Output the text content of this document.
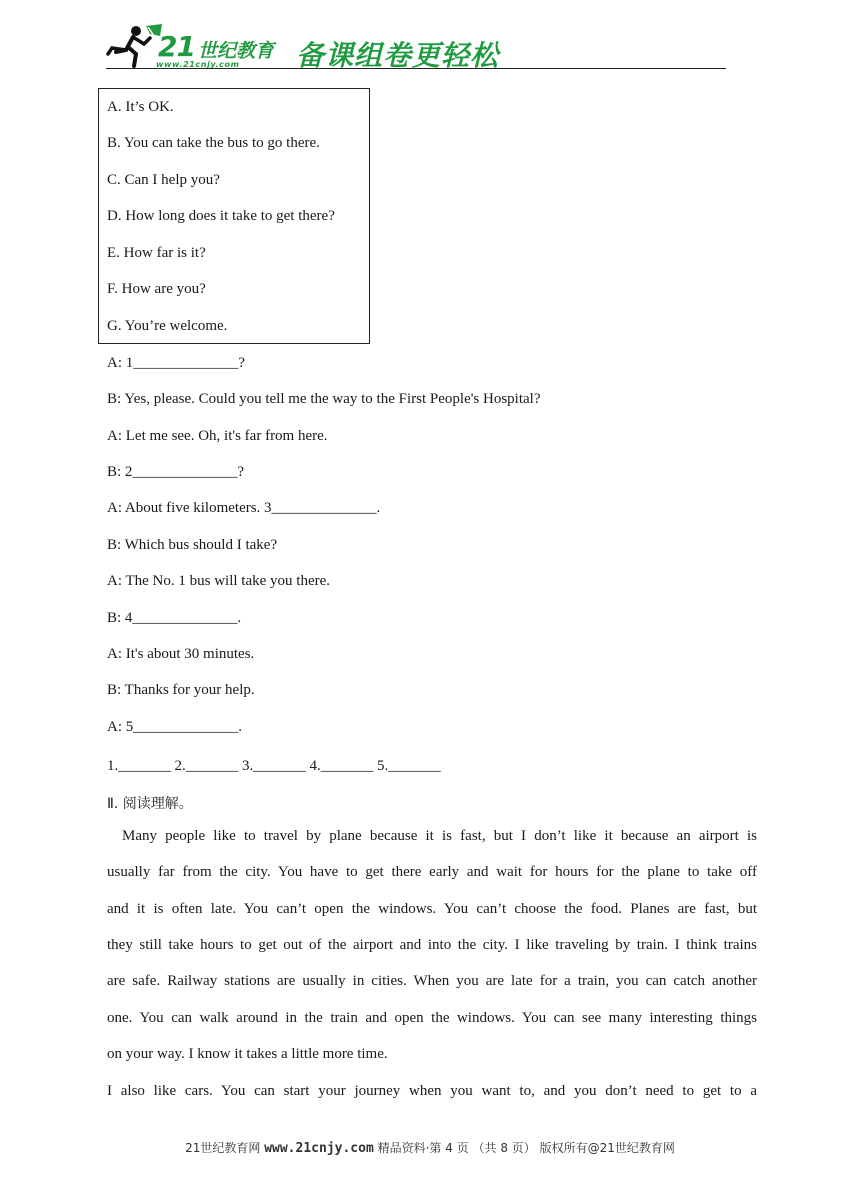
21 世纪教育
www.21cnjy.com 备课组卷更轻松
A. It’s OK.
B. You can take the bus to go there.
C. Can I help you?
D. How long does it take to get there?
E. How far is it?
F. How are you?
G. You’re welcome.
A: 1______________?
B: Yes, please. Could you tell me the way to the First People's Hospital?
A: Let me see. Oh, it's far from here.
B: 2______________?
A: About five kilometers. 3______________.
B: Which bus should I take?
A: The No. 1 bus will take you there.
B: 4______________.
A: It's about 30 minutes.
B: Thanks for your help.
A: 5______________.
1._______ 2._______ 3._______ 4._______ 5._______
Ⅱ. 阅读理解。
Many people like to travel by plane because it is fast, but I don’t like it because an airport is
usually far from the city. You have to get there early and wait for hours for the plane to take off
and it is often late. You can’t open the windows. You can’t choose the food. Planes are fast, but
they still take hours to get out of the airport and into the city. I like traveling by train. I think trains
are safe. Railway stations are usually in cities. When you are late for a train, you can catch another
one. You can walk around in the train and open the windows. You can see many interesting things
on your way. I know it takes a little more time.
I also like cars. You can start your journey when you want to, and you don’t need to get to a
21世纪教育网 www.21cnjy.com 精品资料·第 4 页 （共 8 页） 版权所有@21世纪教育网
